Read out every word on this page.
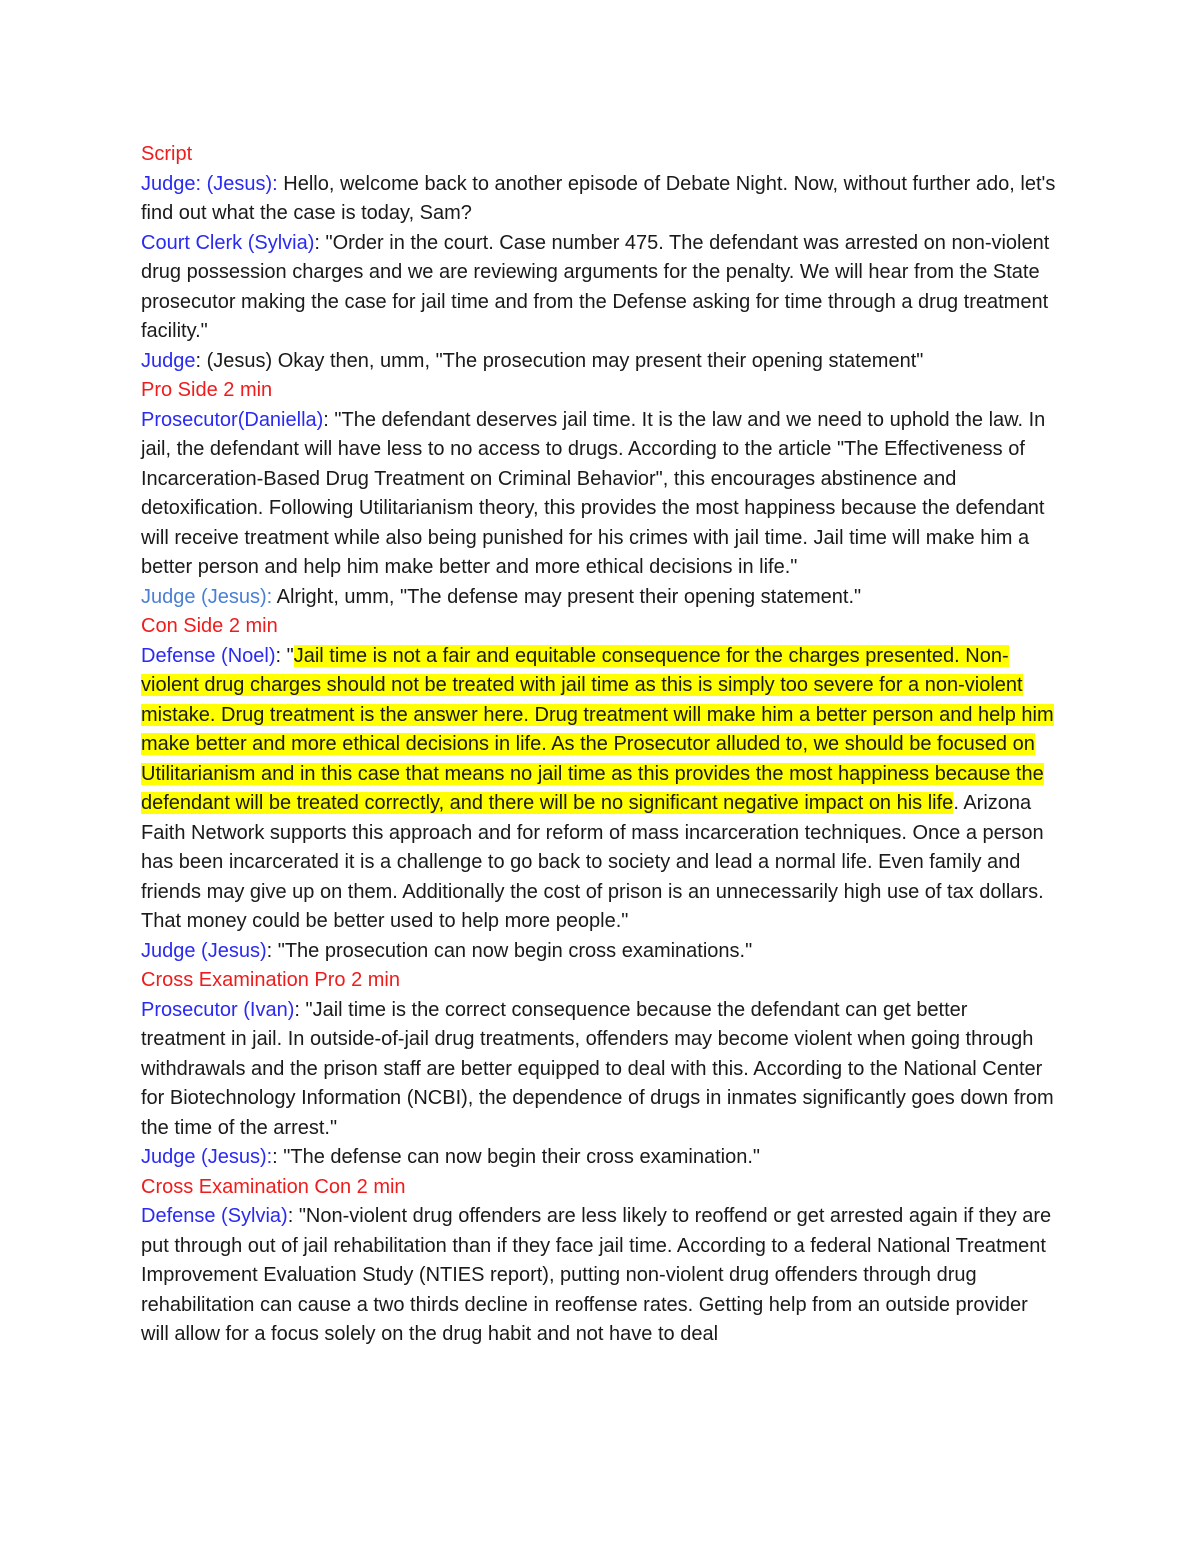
Script

Judge: (Jesus): Hello, welcome back to another episode of Debate Night. Now, without further ado, let's find out what the case is today, Sam?

Court Clerk (Sylvia): "Order in the court. Case number 475. The defendant was arrested on non-violent drug possession charges and we are reviewing arguments for the penalty. We will hear from the State prosecutor making the case for jail time and from the Defense asking for time through a drug treatment facility."

Judge: (Jesus) Okay then, umm, "The prosecution may present their opening statement"

Pro Side 2 min

Prosecutor(Daniella): "The defendant deserves jail time. It is the law and we need to uphold the law. In jail, the defendant will have less to no access to drugs. According to the article "The Effectiveness of Incarceration-Based Drug Treatment on Criminal Behavior", this encourages abstinence and detoxification. Following Utilitarianism theory, this provides the most happiness because the defendant will receive treatment while also being punished for his crimes with jail time. Jail time will make him a better person and help him make better and more ethical decisions in life."

Judge (Jesus): Alright, umm, "The defense may present their opening statement."

Con Side 2 min

Defense (Noel): "Jail time is not a fair and equitable consequence for the charges presented. Non-violent drug charges should not be treated with jail time as this is simply too severe for a non-violent mistake. Drug treatment is the answer here. Drug treatment will make him a better person and help him make better and more ethical decisions in life. As the Prosecutor alluded to, we should be focused on Utilitarianism and in this case that means no jail time as this provides the most happiness because the defendant will be treated correctly, and there will be no significant negative impact on his life. Arizona Faith Network supports this approach and for reform of mass incarceration techniques. Once a person has been incarcerated it is a challenge to go back to society and lead a normal life. Even family and friends may give up on them. Additionally the cost of prison is an unnecessarily high use of tax dollars. That money could be better used to help more people."

Judge (Jesus): "The prosecution can now begin cross examinations."

Cross Examination Pro 2 min

Prosecutor (Ivan): "Jail time is the correct consequence because the defendant can get better treatment in jail. In outside-of-jail drug treatments, offenders may become violent when going through withdrawals and the prison staff are better equipped to deal with this. According to the National Center for Biotechnology Information (NCBI), the dependence of drugs in inmates significantly goes down from the time of the arrest."

Judge (Jesus):: "The defense can now begin their cross examination."

Cross Examination Con 2 min

Defense (Sylvia): "Non-violent drug offenders are less likely to reoffend or get arrested again if they are put through out of jail rehabilitation than if they face jail time. According to a federal National Treatment Improvement Evaluation Study (NTIES report), putting non-violent drug offenders through drug rehabilitation can cause a two thirds decline in reoffense rates. Getting help from an outside provider will allow for a focus solely on the drug habit and not have to deal
